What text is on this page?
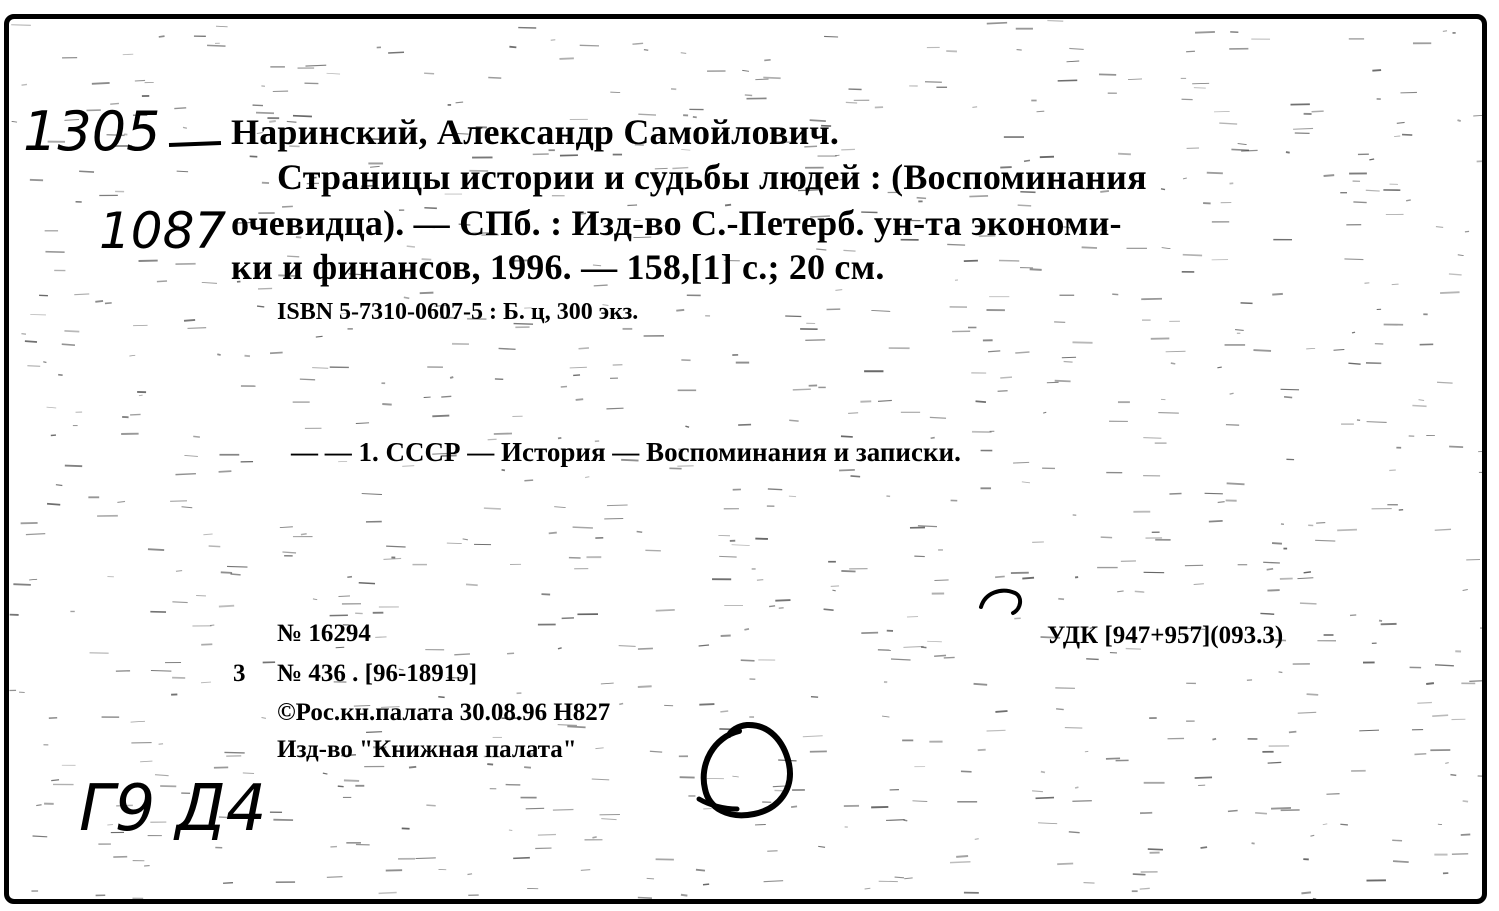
1305
1087
Наринский, Александр Самойлович.
Страницы истории и судьбы людей : (Воспоминания
очевидца). — СПб. : Изд-во С.-Петерб. ун-та экономи-
ки и финансов, 1996. — 158,[1] с.; 20 см.
ISBN 5-7310-0607-5 : Б. ц, 300 экз.
— — 1. СССР — История — Воспоминания и записки.
№ 16294
3 № 436 . [96-18919]
©Рос.кн.палата 30.08.96 Н827
Изд-во "Книжная палата"
УДК [947+957](093.3)
Г9 Д4
